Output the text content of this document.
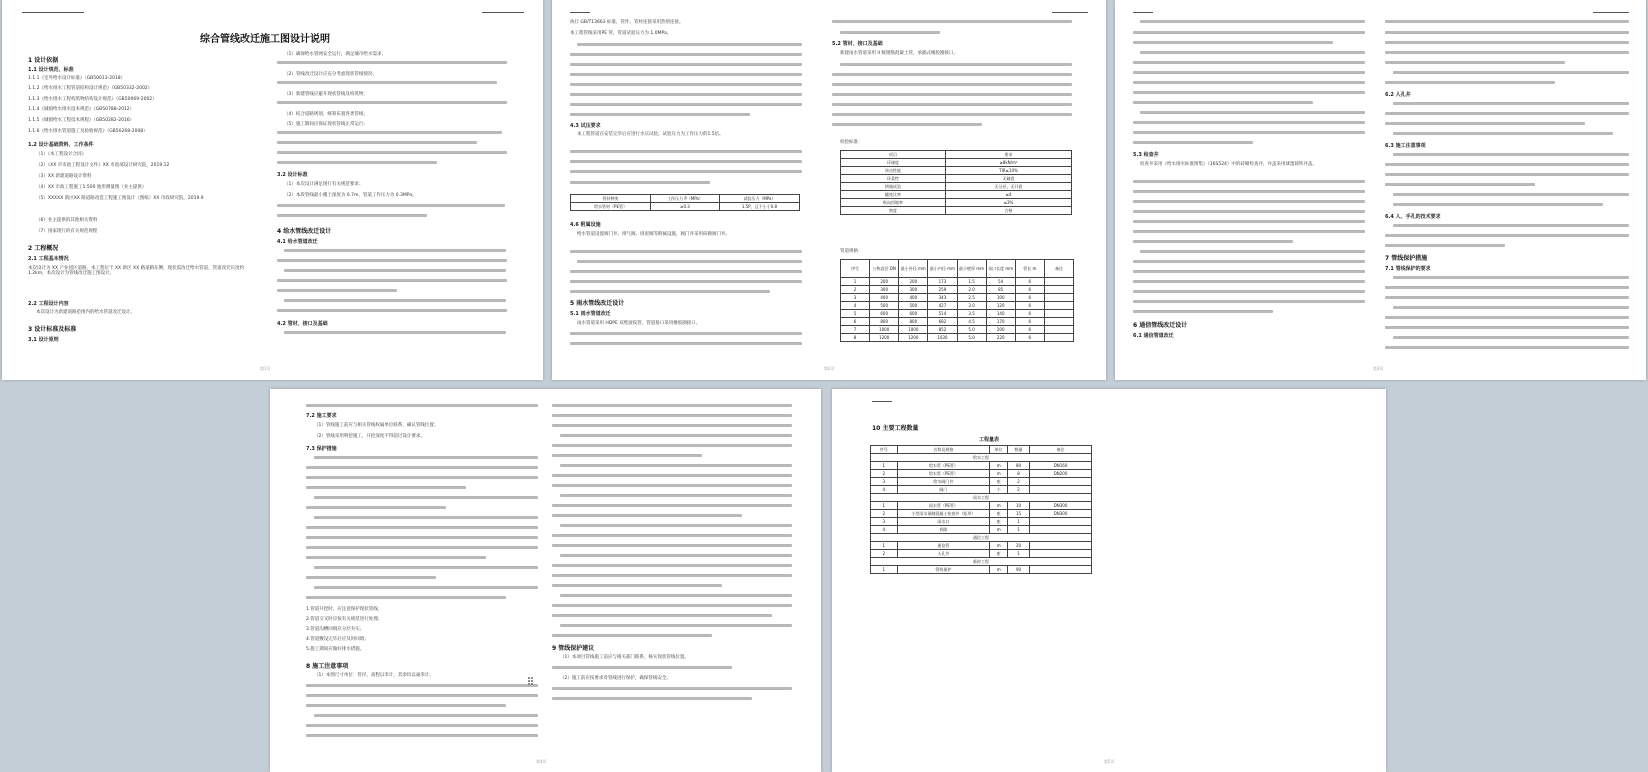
综合管线改迁施工图设计说明
1 设计依据
1.1 设计规范、标准
1.1.1《室外给水设计标准》（GB50013-2018）
1.1.2《给水排水工程管道结构设计规范》（GB50332-2002）
1.1.3《给水排水工程构筑物结构设计规范》（GB50069-2002）
1.1.4《城镇给水排水技术规范》（GB50788-2012）
1.1.5《城镇给水工程技术规程》（GB50282-2016）
1.1.6《给水排水管道施工及验收规范》（GB50268-2008）
1.2 设计基础资料、工作条件
（1）《本工程设计合同》
（2）《XX 市市政工程设计文件》XX 市政部设计研究院，2019.12
（3）XX 新建道路设计资料
（4）XX 市政工程施工1:500 地形测量图（业主提供）
（5）XXXXX 新区XX 路道路改造工程施工图设计（图纸）XX 市政研究院，2019.9
（6）业主提供的其他相关资料
（7）国家现行的有关规范规程
2 工程概况
2.1 工程基本情况
本次设计为 XX 产业园区道路，本工程位于 XX 新区 XX 路道路东侧，现状需改迁给水管道，管道改迁长度约 1.2km，本次设计为管线改迁施工图设计。
2.2 工程设计内容
本次设计为新建道路范围内的给水管道改迁设计。
3 设计标准及标准
3.1 设计原则
（1）确保给水管网安全运行，满足城市给水需求；
（2）管线改迁设计应充分考虑现状管线情况；
（3）新建管线应避开现状管线及构筑物；
（4）结合道路规划，统筹布置各类管线；
（5）施工期间应保证现状管线正常运行；
3.2 设计标准
（1）本次设计满足现行有关规范要求；
（2）本段管线最小覆土深度为 0.7m，管道工作压力为 0.3MPa。
4 给水管线改迁设计
4.1 给水管道改迁
4.2 管材、接口及基础
第1页
执行 GB/T13663 标准，管件、管材连接采用热熔连接。
本工程管线采用PE 管，管道试验压力为 1.0MPa。
4.3 试压要求
本工程管道在安装完毕后应进行水压试验，试验压力为工作压力的1.5倍。
管材种类	工作压力 P（MPa）	试验压力（MPa）
给水管材（PE管）	≥0.3	1.5P，且不小于0.8
4.6 附属设施
给水管道设置阀门井、排气阀、排泥阀等附属设施，阀门井采用砖砌阀门井。
5 雨水管线改迁设计
5.1 雨水管道改迁
雨水管道采用 HDPE 双壁波纹管，管道接口采用橡胶圈接口。
5.2 管材、接口及基础
新建雨水管道采用 II 级钢筋混凝土管，承插式橡胶圈接口。
检验标准：
项目	要求
环刚度	≥8kN/m²
冲击性能	TIR≤10%
环柔性	无破裂
烘箱试验	无分层、无开裂
蠕变比率	≤4
纵向回缩率	≤3%
密度	合格
管道规格：
序号	公称直径 DN	最小外径 mm	最小内径 mm	最小壁厚 mm	承口长度 mm	管长 m	备注
1	200	200	173	1.5	54	6	
2	300	300	259	2.0	85	6	
3	400	400	343	2.5	100	6	
4	500	500	427	3.0	120	6	
5	600	600	514	3.5	140	6	
6	800	800	682	4.5	170	6	
7	1000	1000	852	5.0	200	6	
8	1200	1200	1030	5.0	220	6	
第2页
5.3 检查井
检查井采用《给水排水标准图集》（16S524）中的砖砌检查井，井盖采用球墨铸铁井盖。
6 通信管线改迁设计
6.1 通信管道改迁
6.2 人孔井
6.3 施工注意事项
6.4 人、手孔的技术要求
7 管线保护措施
7.1 管线保护的要求
第3页
7.2 施工要求
（1）管线施工前应与相关管线权属单位联系，确认管线位置；
（2）管线采用明挖施工，开挖深度不得超过设计要求。
7.3 保护措施
1.管道开挖时，应注意保护现状管线；
2.管道交叉时应按有关规范进行处理；
3.管道沟槽回填应分层夯实；
4.管道敷设完毕后应及时回填；
5.施工期间应做好排水措施。
8 施工注意事项
（1）本图尺寸单位：管径、高程以米计，其余均以毫米计。
9 管线保护建议
（1）本项目管线施工前应与相关部门联系，核实现状管线位置。
（2）施工前应按要求对管线进行保护，确保管线安全。
第4页
10 主要工程数量
工程量表
序号	名称及规格	单位	数量	备注
给水工程				
1	给水管（PE管）	m	80	DN160
2	给水管（PE管）	m	8	DN200
3	给水阀门井	座	2	
4	阀门	个	2	
雨水工程				
1	雨水管（PE管）	m	10	DN300
2	小型雨水预制混凝土检查井（矩形）	座	15	DN300
3	雨水口	座	1	
4	拆除	m	1	
通信工程				
1	通信管	m	20	
2	人孔井	座	1	
临时工程				
1	管线保护	m	90	
第5页
